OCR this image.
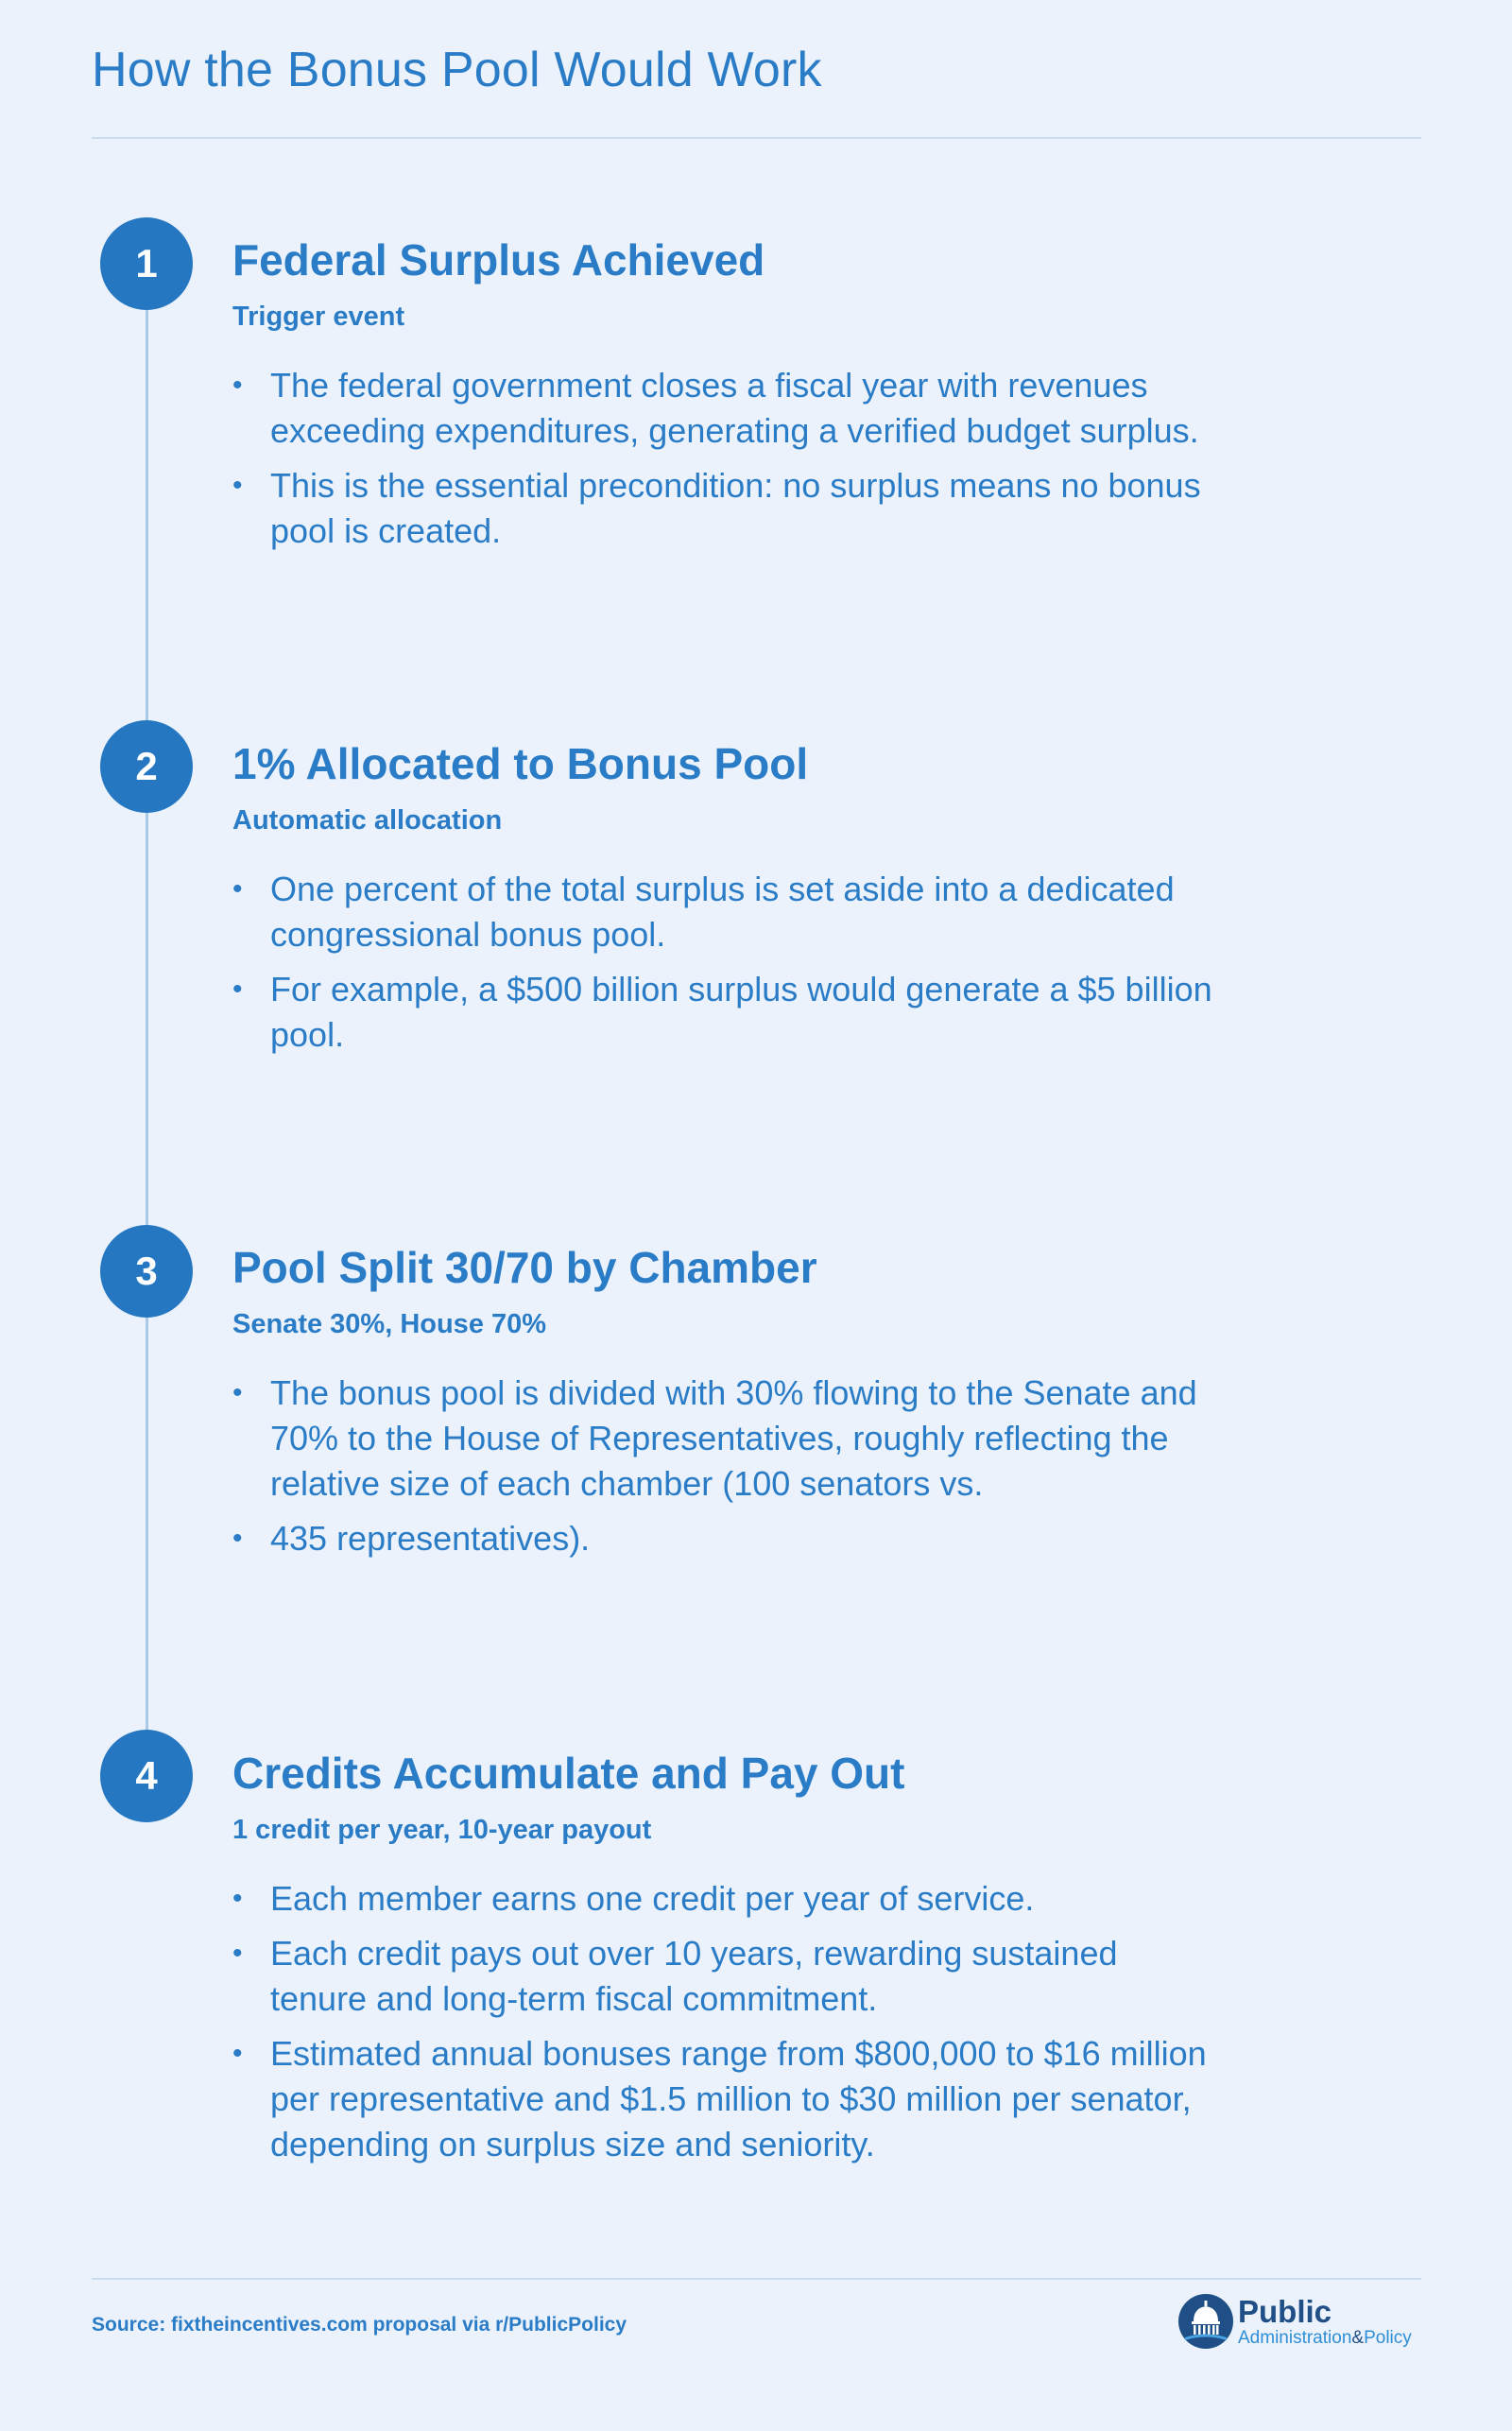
How the Bonus Pool Would Work
1	Federal Surplus Achieved
Trigger event
• The federal government closes a fiscal year with revenues exceeding expenditures, generating a verified budget surplus.
• This is the essential precondition: no surplus means no bonus pool is created.
2	1% Allocated to Bonus Pool
Automatic allocation
• One percent of the total surplus is set aside into a dedicated congressional bonus pool.
• For example, a $500 billion surplus would generate a $5 billion pool.
3	Pool Split 30/70 by Chamber
Senate 30%, House 70%
• The bonus pool is divided with 30% flowing to the Senate and 70% to the House of Representatives, roughly reflecting the relative size of each chamber (100 senators vs.
• 435 representatives).
4	Credits Accumulate and Pay Out
1 credit per year, 10-year payout
• Each member earns one credit per year of service.
• Each credit pays out over 10 years, rewarding sustained tenure and long-term fiscal commitment.
• Estimated annual bonuses range from $800,000 to $16 million per representative and $1.5 million to $30 million per senator, depending on surplus size and seniority.
Source: fixtheincentives.com proposal via r/PublicPolicy	Public
Administration&Policy
